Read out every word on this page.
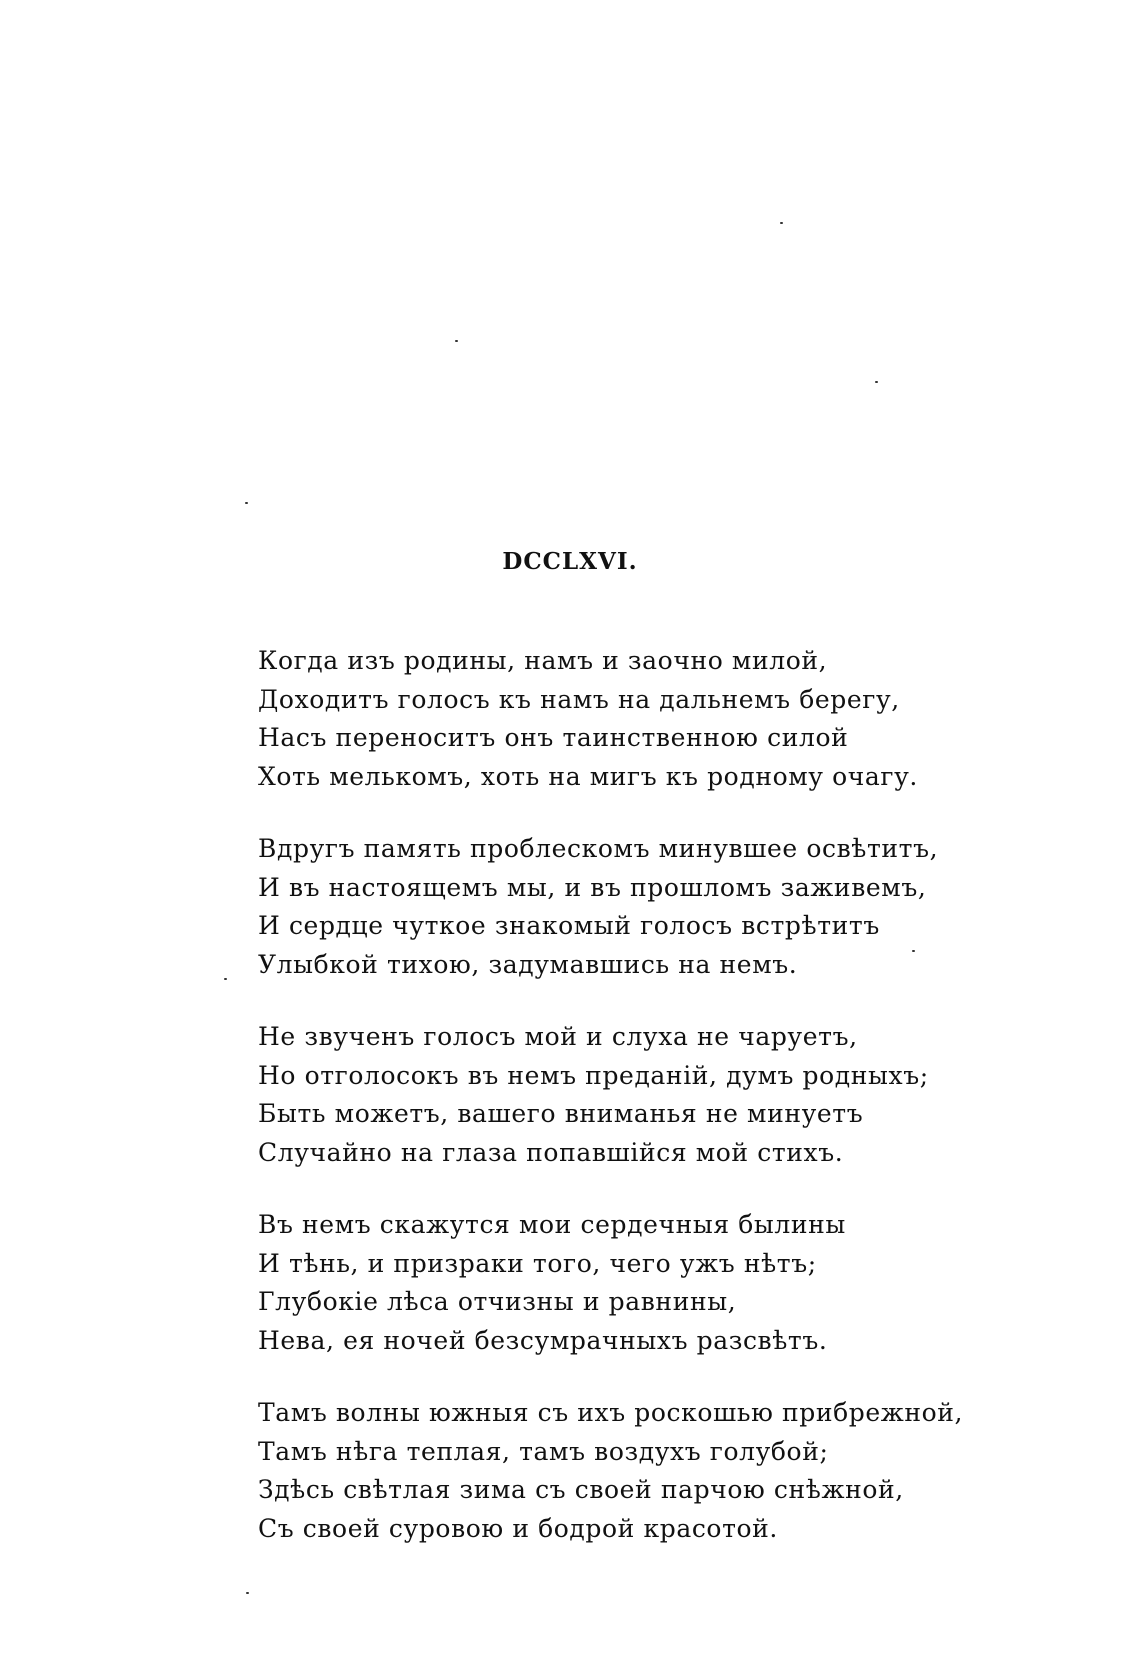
DCCLXVI.
Когда изъ родины, намъ и заочно милой,
Доходитъ голосъ къ намъ на дальнемъ берегу,
Насъ переноситъ онъ таинственною силой
Хоть мелькомъ, хоть на мигъ къ родному очагу.
Вдругъ память проблескомъ минувшее освѣтитъ,
И въ настоящемъ мы, и въ прошломъ заживемъ,
И сердце чуткое знакомый голосъ встрѣтитъ
Улыбкой тихою, задумавшись на немъ.
Не звученъ голосъ мой и слуха не чаруетъ,
Но отголосокъ въ немъ преданій, думъ родныхъ;
Быть можетъ, вашего вниманья не минуетъ
Случайно на глаза попавшійся мой стихъ.
Въ немъ скажутся мои сердечныя былины
И тѣнь, и призраки того, чего ужъ нѣтъ;
Глубокіе лѣса отчизны и равнины,
Нева, ея ночей безсумрачныхъ разсвѣтъ.
Тамъ волны южныя съ ихъ роскошью прибрежной,
Тамъ нѣга теплая, тамъ воздухъ голубой;
Здѣсь свѣтлая зима съ своей парчою снѣжной,
Съ своей суровою и бодрой красотой.
